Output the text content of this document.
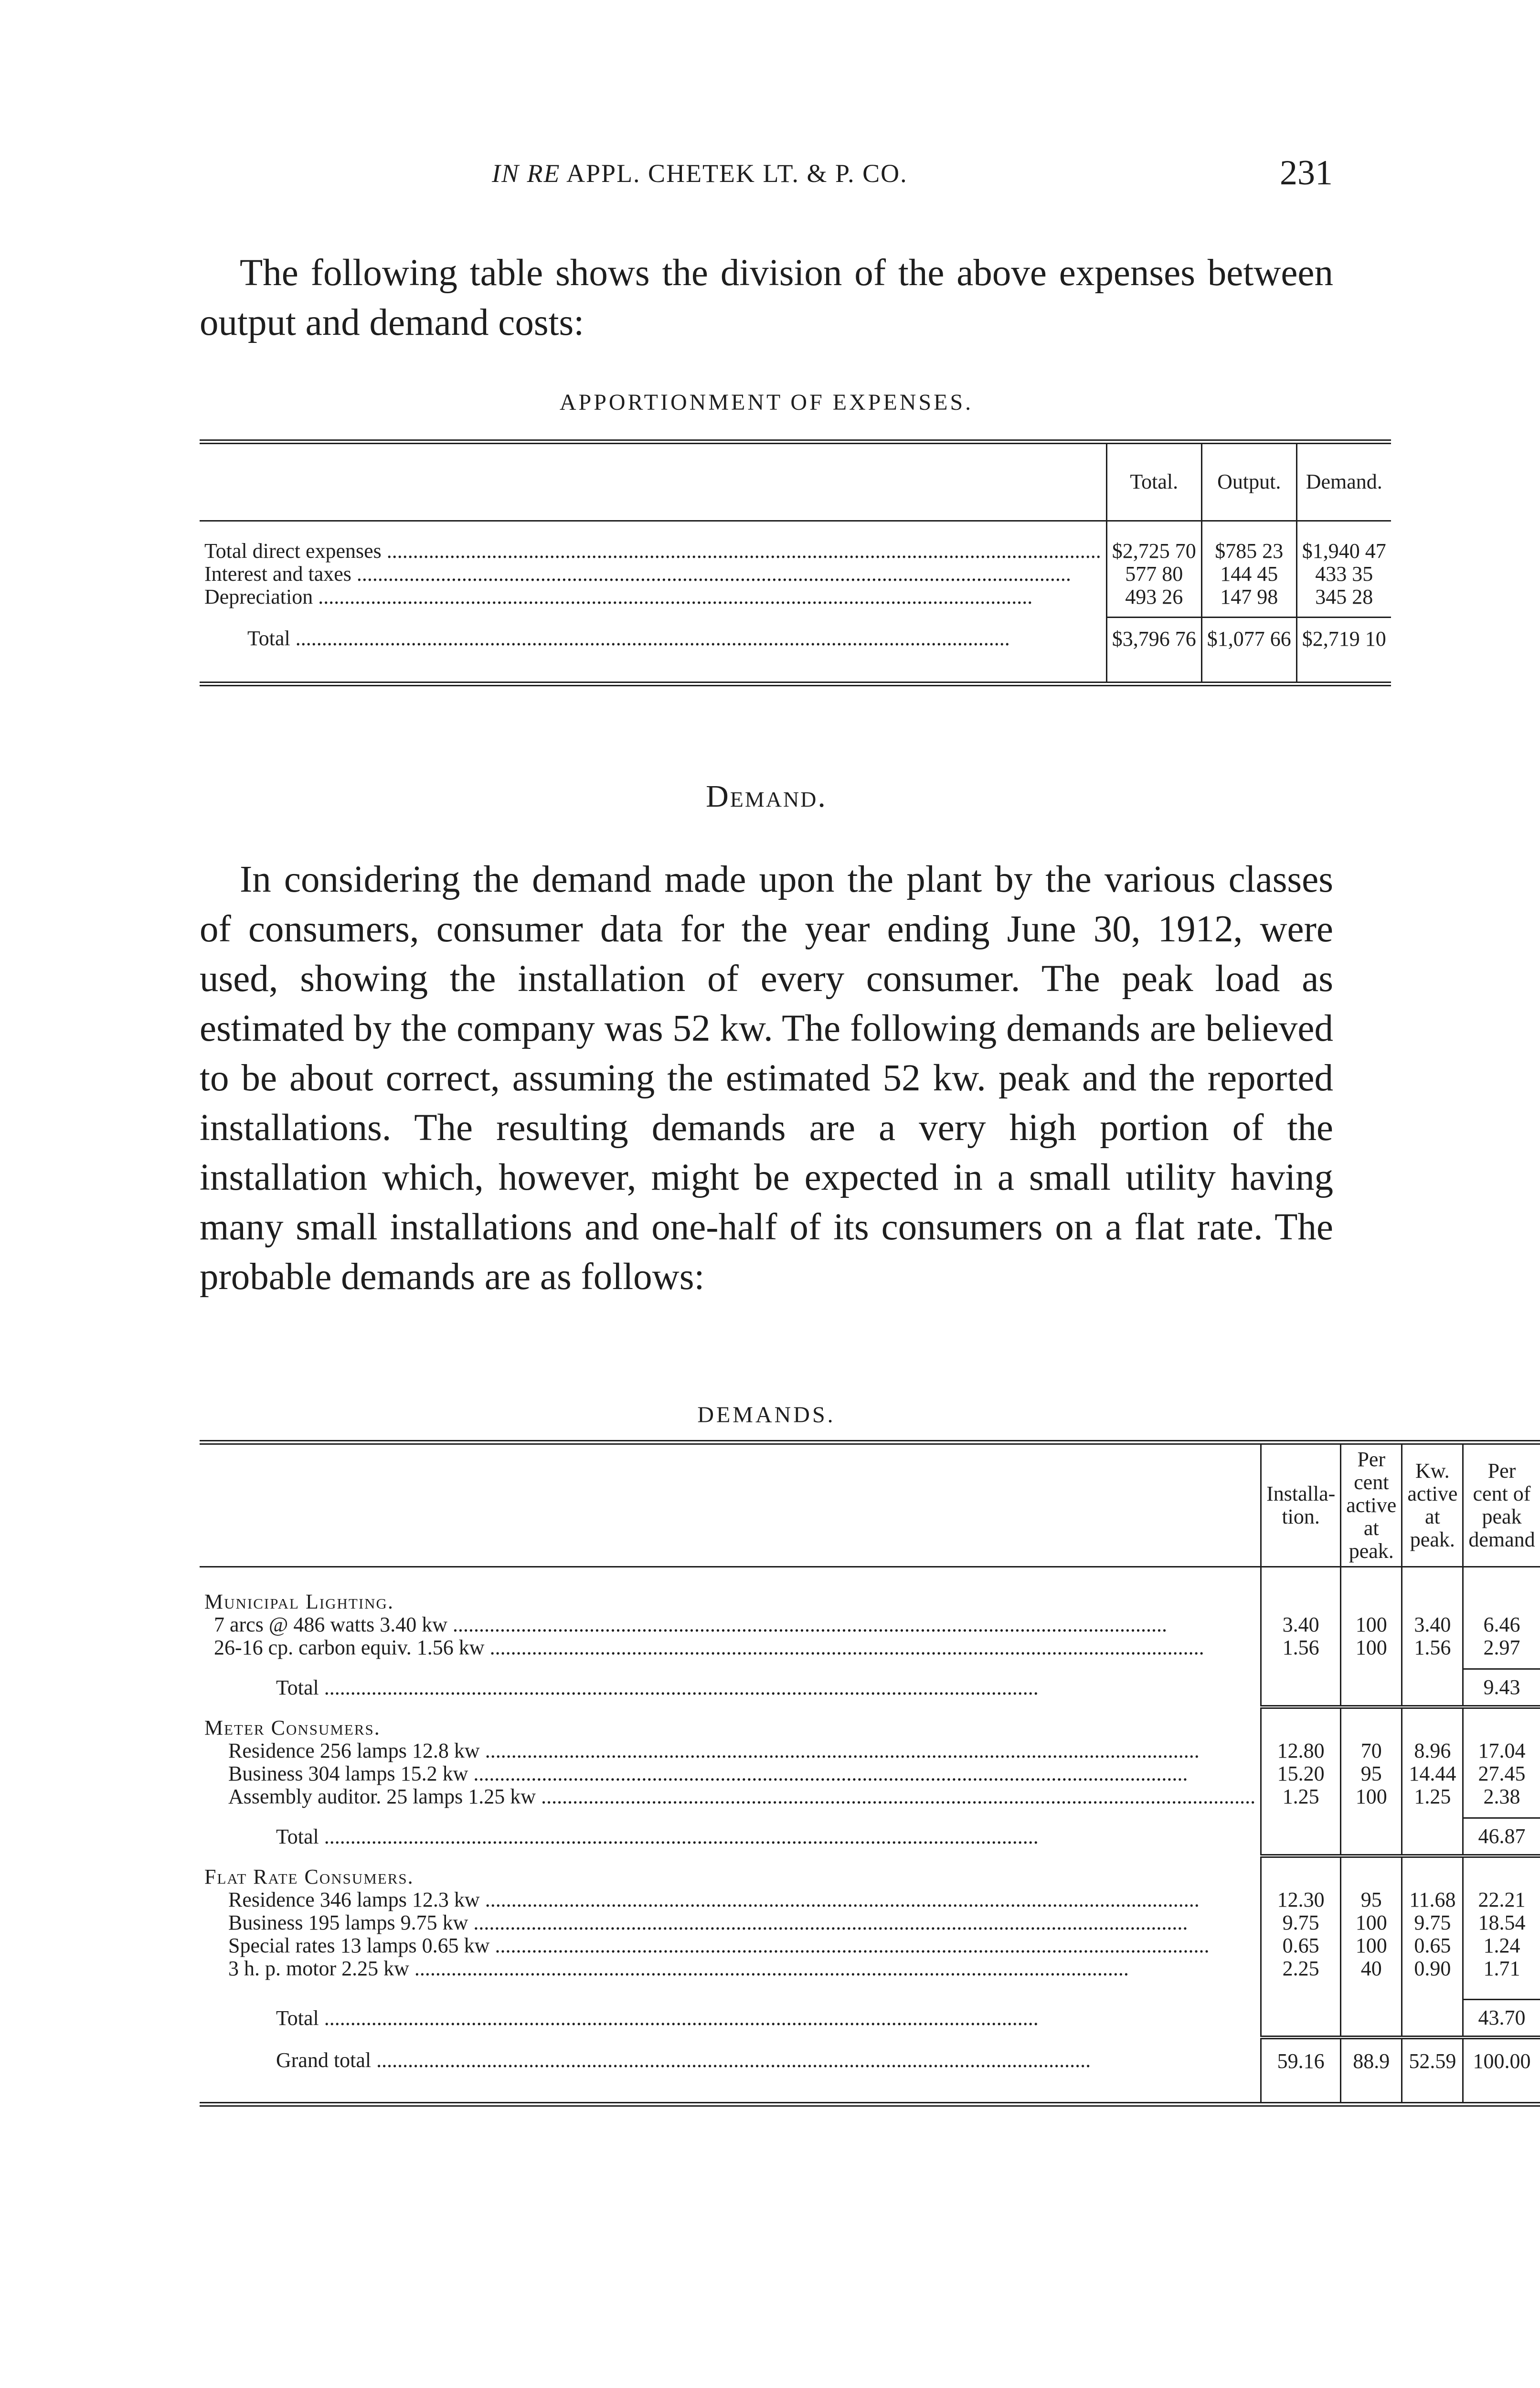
IN RE APPL. CHETEK LT. & P. CO.	231

The following table shows the division of the above expenses between output and demand costs:

APPORTIONMENT OF EXPENSES.
	Total.	Output.	Demand.

Total direct expenses .....	$2,725 70	$785 23	$1,940 47

Interest and taxes .....	577 80	144 45	433 35

Depreciation .....	493 26	147 98	345 28

Total .....	$3,796 76	$1,077 66	$2,719 10

Demand.

In considering the demand made upon the plant by the various classes of consumers, consumer data for the year ending June 30, 1912, were used, showing the installation of every consumer. The peak load as estimated by the company was 52 kw. The following demands are believed to be about correct, assuming the estimated 52 kw. peak and the reported installations. The resulting demands are a very high portion of the installation which, however, might be expected in a small utility having many small installations and one-half of its consumers on a flat rate. The probable demands are as follows:

DEMANDS.
	Installa-tion.	Per cent active at peak.	Kw. active at peak.	Per cent of peak demand

Municipal Lighting.				

7 arcs @ 486 watts 3.40 kw .....	3.40	100	3.40	6.46

26-16 cp. carbon equiv. 1.56 kw .....	1.56	100	1.56	2.97

Total .....				9.43

Meter Consumers.				

Residence 256 lamps 12.8 kw .....	12.80	70	8.96	17.04

Business 304 lamps 15.2 kw .....	15.20	95	14.44	27.45

Assembly auditor. 25 lamps 1.25 kw .....	1.25	100	1.25	2.38

Total .....				46.87

Flat Rate Consumers.				

Residence 346 lamps 12.3 kw .....	12.30	95	11.68	22.21

Business 195 lamps 9.75 kw .....	9.75	100	9.75	18.54

Special rates 13 lamps 0.65 kw .....	0.65	100	0.65	1.24

3 h. p. motor 2.25 kw .....	2.25	40	0.90	1.71

Total .....				43.70

Grand total .....	59.16	88.9	52.59	100.00
